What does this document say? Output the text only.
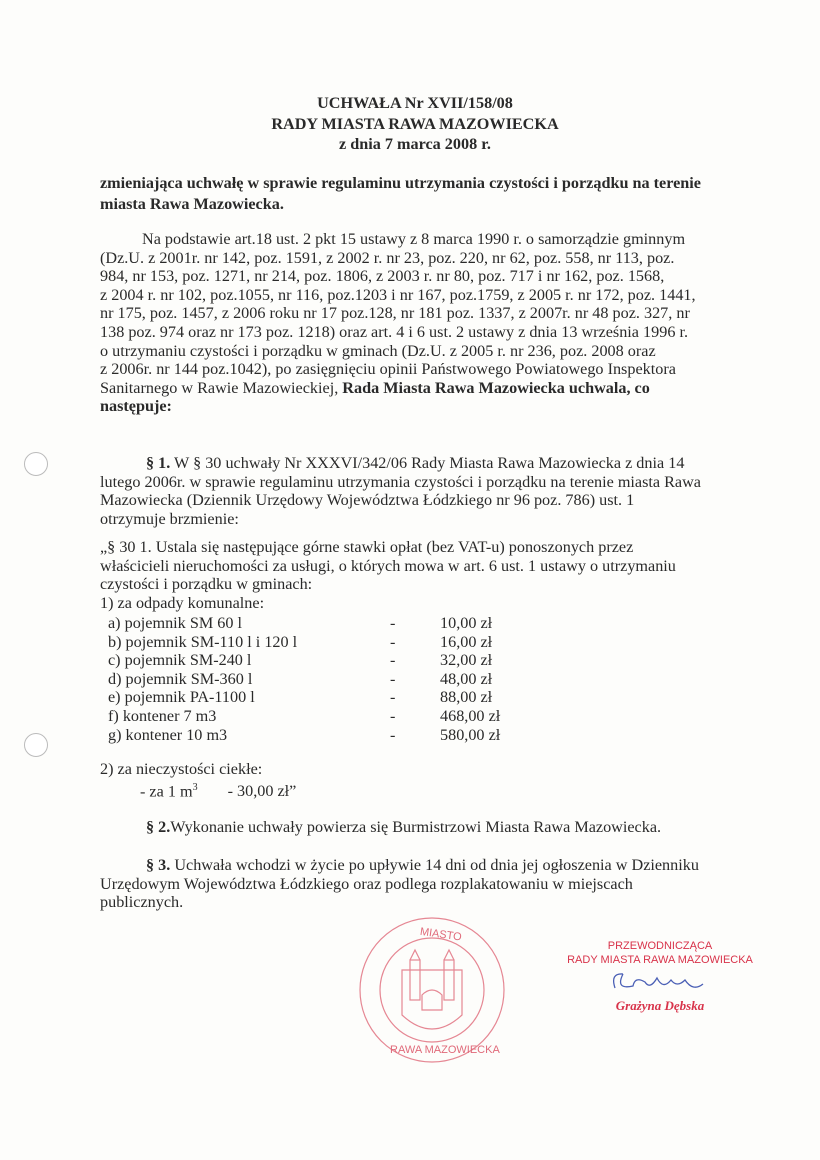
UCHWAŁA Nr XVII/158/08
RADY MIASTA RAWA MAZOWIECKA
z dnia 7 marca 2008 r.
zmieniająca uchwałę w sprawie regulaminu utrzymania czystości i porządku na terenie
miasta Rawa Mazowiecka.
Na podstawie art.18 ust. 2 pkt 15 ustawy z 8 marca 1990 r. o samorządzie gminnym
(Dz.U. z 2001r. nr 142, poz. 1591, z 2002 r. nr 23, poz. 220, nr 62, poz. 558, nr 113, poz.
984, nr 153, poz. 1271, nr 214, poz. 1806, z 2003 r. nr 80, poz. 717 i nr 162, poz. 1568,
z 2004 r. nr 102, poz.1055, nr 116, poz.1203 i nr 167, poz.1759, z 2005 r. nr 172, poz. 1441,
nr 175, poz. 1457, z 2006 roku nr 17 poz.128, nr 181 poz. 1337, z 2007r. nr 48 poz. 327, nr
138 poz. 974 oraz nr 173 poz. 1218) oraz art. 4 i 6 ust. 2 ustawy z dnia 13 września 1996 r.
o utrzymaniu czystości i porządku w gminach (Dz.U. z 2005 r. nr 236, poz. 2008 oraz
z 2006r. nr 144 poz.1042), po zasięgnięciu opinii Państwowego Powiatowego Inspektora
Sanitarnego w Rawie Mazowieckiej, Rada Miasta Rawa Mazowiecka uchwala, co
następuje:
§ 1. W § 30 uchwały Nr XXXVI/342/06 Rady Miasta Rawa Mazowiecka z dnia 14
lutego 2006r. w sprawie regulaminu utrzymania czystości i porządku na terenie miasta Rawa
Mazowiecka (Dziennik Urzędowy Województwa Łódzkiego nr 96 poz. 786) ust. 1
otrzymuje brzmienie:
„§ 30 1. Ustala się następujące górne stawki opłat (bez VAT-u) ponoszonych przez
właścicieli nieruchomości za usługi, o których mowa w art. 6 ust. 1 ustawy o utrzymaniu
czystości i porządku w gminach:
1) za odpady komunalne:
a) pojemnik SM 60 l	-	10,00 zł
b) pojemnik SM-110 l i 120 l	-	16,00 zł
c) pojemnik SM-240 l	-	32,00 zł
d) pojemnik SM-360 l	-	48,00 zł
e) pojemnik PA-1100 l	-	88,00 zł
f) kontener 7 m3	-	468,00 zł
g) kontener 10 m3	-	580,00 zł
2) za nieczystości ciekłe:
- za 1 $m^3 - 30,00$ zł”
§ 2.Wykonanie uchwały powierza się Burmistrzowi Miasta Rawa Mazowiecka.
§ 3. Uchwała wchodzi w życie po upływie 14 dni od dnia jej ogłoszenia w Dzienniku
Urzędowym Województwa Łódzkiego oraz podlega rozplakatowaniu w miejscach
publicznych.
MIASTO
RAWA MAZOWIECKA
PRZEWODNICZĄCA
RADY MIASTA RAWA MAZOWIECKA
Grażyna Dębska
